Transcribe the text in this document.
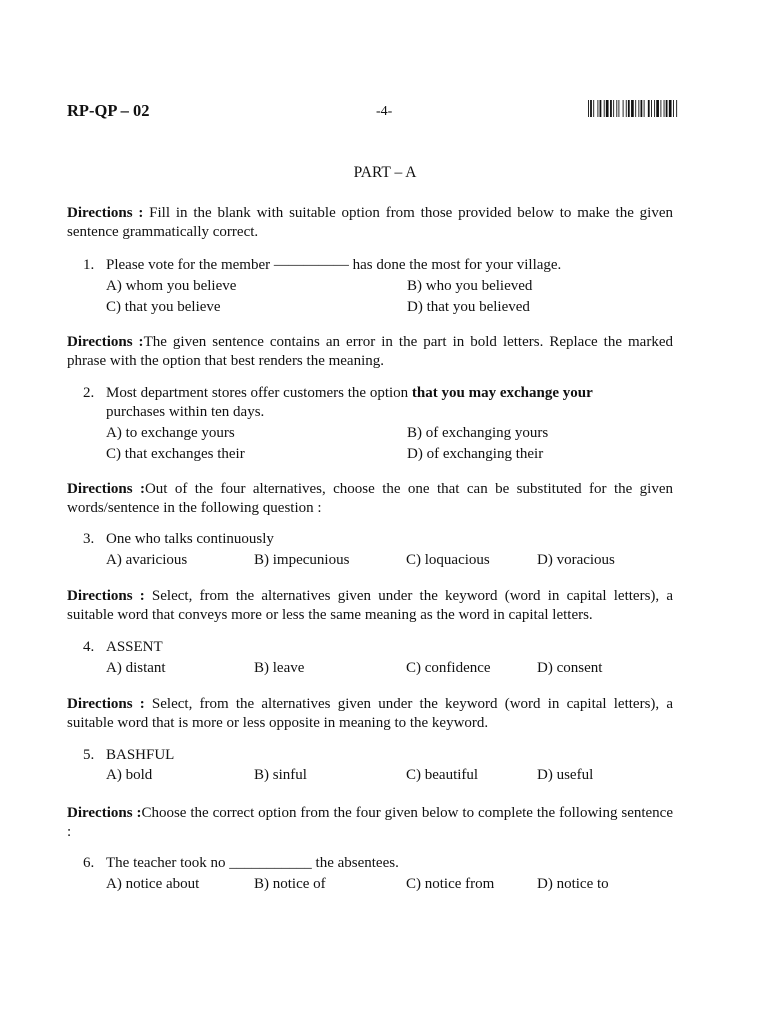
RP-QP – 02	-4-
PART – A
Directions : Fill in the blank with suitable option from those provided below to make the given sentence grammatically correct.
1. Please vote for the member ————— has done the most for your village.
A) whom you believe	B) who you believed
C) that you believe	D) that you believed
Directions :The given sentence contains an error in the part in bold letters. Replace the marked phrase with the option that best renders the meaning.
2. Most department stores offer customers the option that you may exchange your
purchases within ten days.
A) to exchange yours	B) of exchanging yours
C) that exchanges their	D) of exchanging their
Directions :Out of the four alternatives, choose the one that can be substituted for the given words/sentence in the following question :
3. One who talks continuously
A) avaricious	B) impecunious	C) loquacious	D) voracious
Directions : Select, from the alternatives given under the keyword (word in capital letters), a suitable word that conveys more or less the same meaning as the word in capital letters.
4. ASSENT
A) distant	B) leave	C) confidence	D) consent
Directions : Select, from the alternatives given under the keyword (word in capital letters), a suitable word that is more or less opposite in meaning to the keyword.
5. BASHFUL
A) bold	B) sinful	C) beautiful	D) useful
Directions :Choose the correct option from the four given below to complete the following sentence :
6. The teacher took no ___________ the absentees.
A) notice about	B) notice of	C) notice from	D) notice to
